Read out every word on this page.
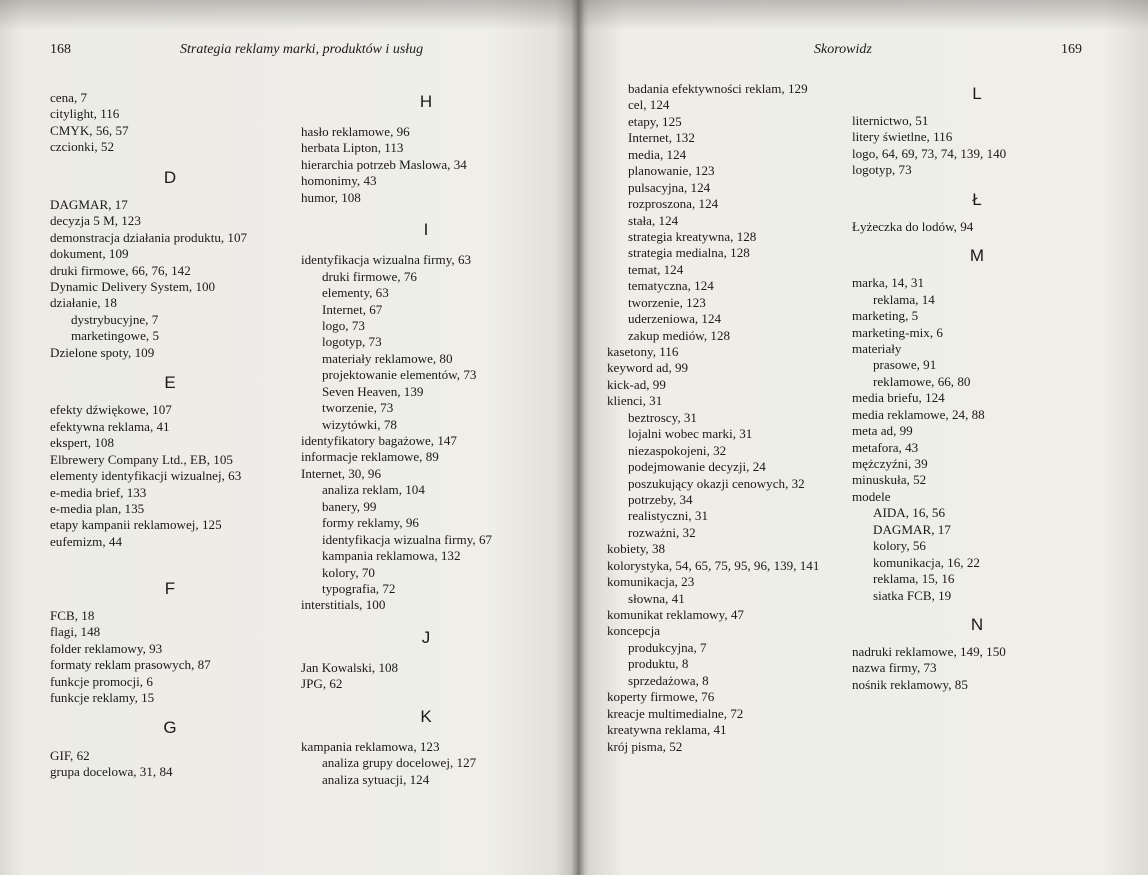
168	Strategia reklamy marki, produktów i usług
cena, 7
citylight, 116
CMYK, 56, 57
czcionki, 52
D
DAGMAR, 17
decyzja 5 M, 123
demonstracja działania produktu, 107
dokument, 109
druki firmowe, 66, 76, 142
Dynamic Delivery System, 100
działanie, 18
dystrybucyjne, 7
marketingowe, 5
Dzielone spoty, 109
E
efekty dźwiękowe, 107
efektywna reklama, 41
ekspert, 108
Elbrewery Company Ltd., EB, 105
elementy identyfikacji wizualnej, 63
e-media brief, 133
e-media plan, 135
etapy kampanii reklamowej, 125
eufemizm, 44
F
FCB, 18
flagi, 148
folder reklamowy, 93
formaty reklam prasowych, 87
funkcje promocji, 6
funkcje reklamy, 15
G
GIF, 62
grupa docelowa, 31, 84
H
hasło reklamowe, 96
herbata Lipton, 113
hierarchia potrzeb Maslowa, 34
homonimy, 43
humor, 108
I
identyfikacja wizualna firmy, 63
druki firmowe, 76
elementy, 63
Internet, 67
logo, 73
logotyp, 73
materiały reklamowe, 80
projektowanie elementów, 73
Seven Heaven, 139
tworzenie, 73
wizytówki, 78
identyfikatory bagażowe, 147
informacje reklamowe, 89
Internet, 30, 96
analiza reklam, 104
banery, 99
formy reklamy, 96
identyfikacja wizualna firmy, 67
kampania reklamowa, 132
kolory, 70
typografia, 72
interstitials, 100
J
Jan Kowalski, 108
JPG, 62
K
kampania reklamowa, 123
analiza grupy docelowej, 127
analiza sytuacji, 124
Skorowidz	169
badania efektywności reklam, 129
cel, 124
etapy, 125
Internet, 132
media, 124
planowanie, 123
pulsacyjna, 124
rozproszona, 124
stała, 124
strategia kreatywna, 128
strategia medialna, 128
temat, 124
tematyczna, 124
tworzenie, 123
uderzeniowa, 124
zakup mediów, 128
kasetony, 116
keyword ad, 99
kick-ad, 99
klienci, 31
beztroscy, 31
lojalni wobec marki, 31
niezaspokojeni, 32
podejmowanie decyzji, 24
poszukujący okazji cenowych, 32
potrzeby, 34
realistyczni, 31
rozważni, 32
kobiety, 38
kolorystyka, 54, 65, 75, 95, 96, 139, 141
komunikacja, 23
słowna, 41
komunikat reklamowy, 47
koncepcja
produkcyjna, 7
produktu, 8
sprzedażowa, 8
koperty firmowe, 76
kreacje multimedialne, 72
kreatywna reklama, 41
krój pisma, 52
L
liternictwo, 51
litery świetlne, 116
logo, 64, 69, 73, 74, 139, 140
logotyp, 73
Ł
Łyżeczka do lodów, 94
M
marka, 14, 31
reklama, 14
marketing, 5
marketing-mix, 6
materiały
prasowe, 91
reklamowe, 66, 80
media briefu, 124
media reklamowe, 24, 88
meta ad, 99
metafora, 43
mężczyźni, 39
minuskuła, 52
modele
AIDA, 16, 56
DAGMAR, 17
kolory, 56
komunikacja, 16, 22
reklama, 15, 16
siatka FCB, 19
N
nadruki reklamowe, 149, 150
nazwa firmy, 73
nośnik reklamowy, 85
